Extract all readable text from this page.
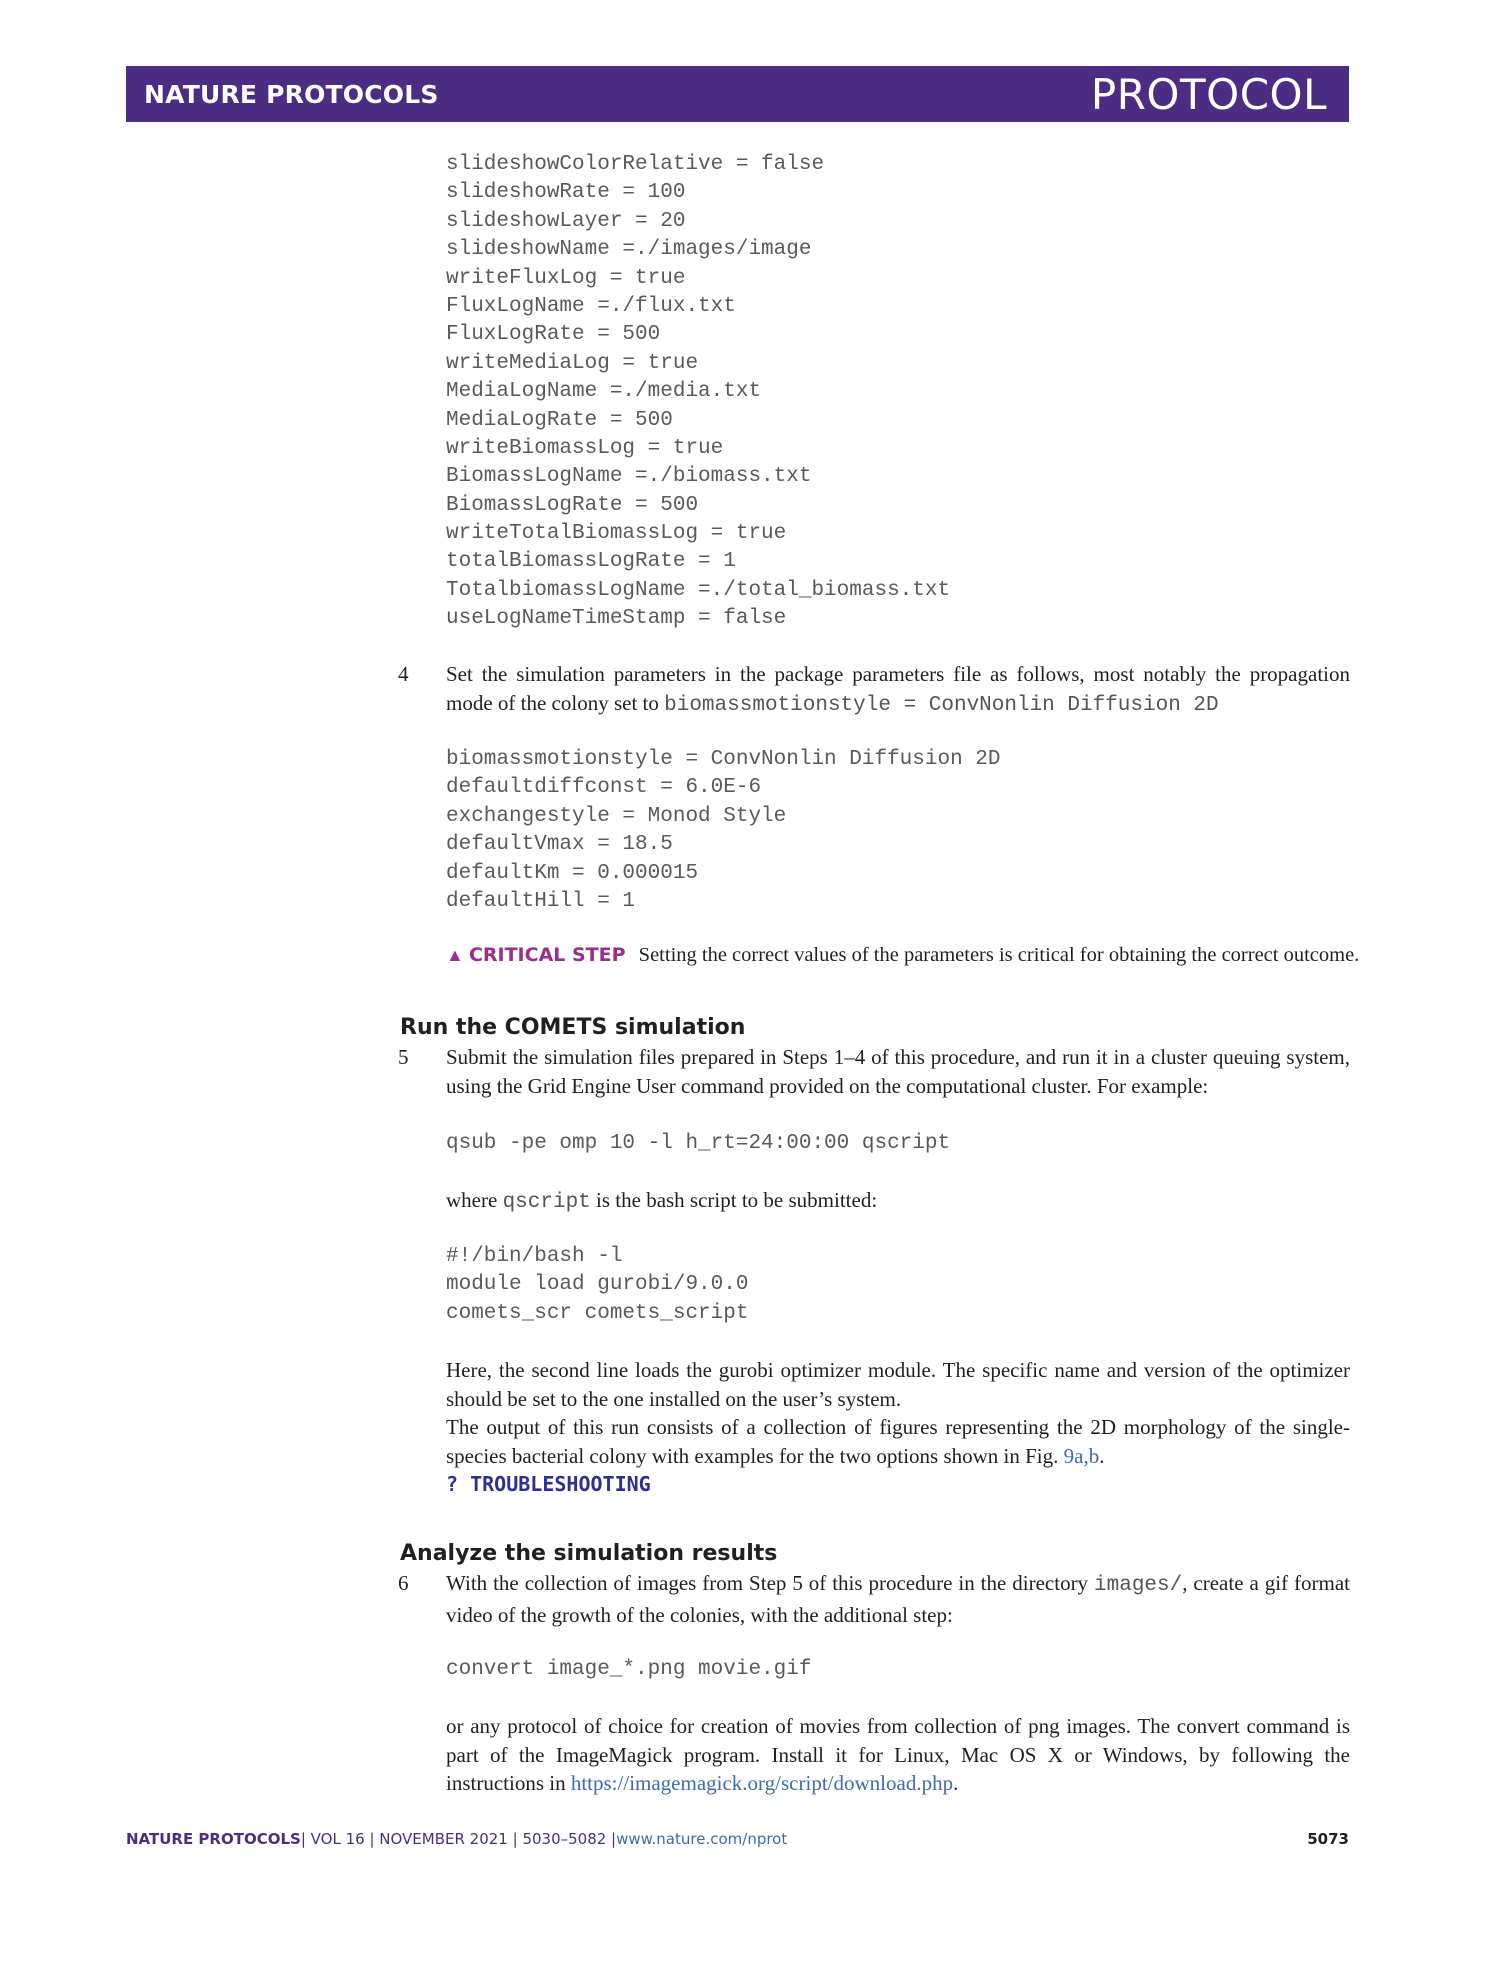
NATURE PROTOCOLS	PROTOCOL
slideshowColorRelative = false
slideshowRate = 100
slideshowLayer = 20
slideshowName =./images/image
writeFluxLog = true
FluxLogName =./flux.txt
FluxLogRate = 500
writeMediaLog = true
MediaLogName =./media.txt
MediaLogRate = 500
writeBiomassLog = true
BiomassLogName =./biomass.txt
BiomassLogRate = 500
writeTotalBiomassLog = true
totalBiomassLogRate = 1
TotalbiomassLogName =./total_biomass.txt
useLogNameTimeStamp = false
4 Set the simulation parameters in the package parameters file as follows, most notably the propagation mode of the colony set to biomassmotionstyle = ConvNonlin Diffusion 2D
biomassmotionstyle = ConvNonlin Diffusion 2D
defaultdiffconst = 6.0E-6
exchangestyle = Monod Style
defaultVmax = 18.5
defaultKm = 0.000015
defaultHill = 1
▲ CRITICAL STEP Setting the correct values of the parameters is critical for obtaining the correct outcome.
Run the COMETS simulation
5 Submit the simulation files prepared in Steps 1–4 of this procedure, and run it in a cluster queuing system, using the Grid Engine User command provided on the computational cluster. For example:
qsub -pe omp 10 -l h_rt=24:00:00 qscript
where qscript is the bash script to be submitted:
#!/bin/bash -l
module load gurobi/9.0.0
comets_scr comets_script
Here, the second line loads the gurobi optimizer module. The specific name and version of the optimizer should be set to the one installed on the user’s system.
The output of this run consists of a collection of figures representing the 2D morphology of the single-species bacterial colony with examples for the two options shown in Fig. 9a,b.
? TROUBLESHOOTING
Analyze the simulation results
6 With the collection of images from Step 5 of this procedure in the directory images/, create a gif format video of the growth of the colonies, with the additional step:
convert image_*.png movie.gif
or any protocol of choice for creation of movies from collection of png images. The convert command is part of the ImageMagick program. Install it for Linux, Mac OS X or Windows, by following the instructions in https://imagemagick.org/script/download.php.
NATURE PROTOCOLS| VOL 16 | NOVEMBER 2021 | 5030–5082 |www.nature.com/nprot	5073
